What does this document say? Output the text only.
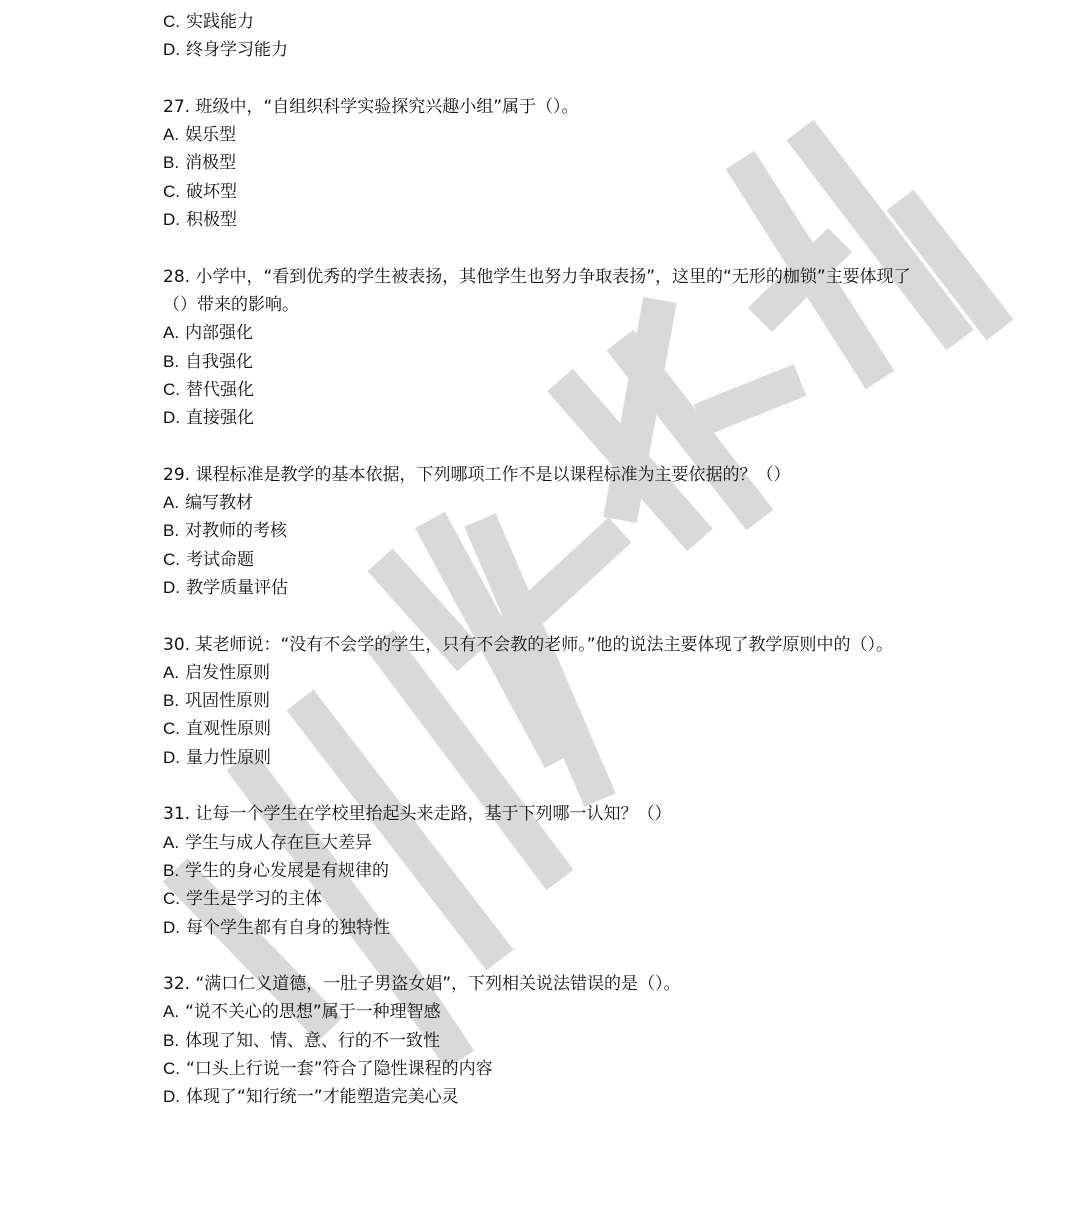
C. 实践能力
D. 终身学习能力
27. 班级中，“自组织科学实验探究兴趣小组”属于（）。
A. 娱乐型
B. 消极型
C. 破坏型
D. 积极型
28. 小学中，“看到优秀的学生被表扬，其他学生也努力争取表扬”，这里的“无形的枷锁”主要体现了（）带来的影响。
A. 内部强化
B. 自我强化
C. 替代强化
D. 直接强化
29. 课程标准是教学的基本依据，下列哪项工作不是以课程标准为主要依据的？（）
A. 编写教材
B. 对教师的考核
C. 考试命题
D. 教学质量评估
30. 某老师说：“没有不会学的学生，只有不会教的老师。”他的说法主要体现了教学原则中的（）。
A. 启发性原则
B. 巩固性原则
C. 直观性原则
D. 量力性原则
31. 让每一个学生在学校里抬起头来走路，基于下列哪一认知？（）
A. 学生与成人存在巨大差异
B. 学生的身心发展是有规律的
C. 学生是学习的主体
D. 每个学生都有自身的独特性
32. “满口仁义道德，一肚子男盗女娼”，下列相关说法错误的是（）。
A. “说不关心的思想”属于一种理智感
B. 体现了知、情、意、行的不一致性
C. “口头上行说一套”符合了隐性课程的内容
D. 体现了“知行统一”才能塑造完美心灵
